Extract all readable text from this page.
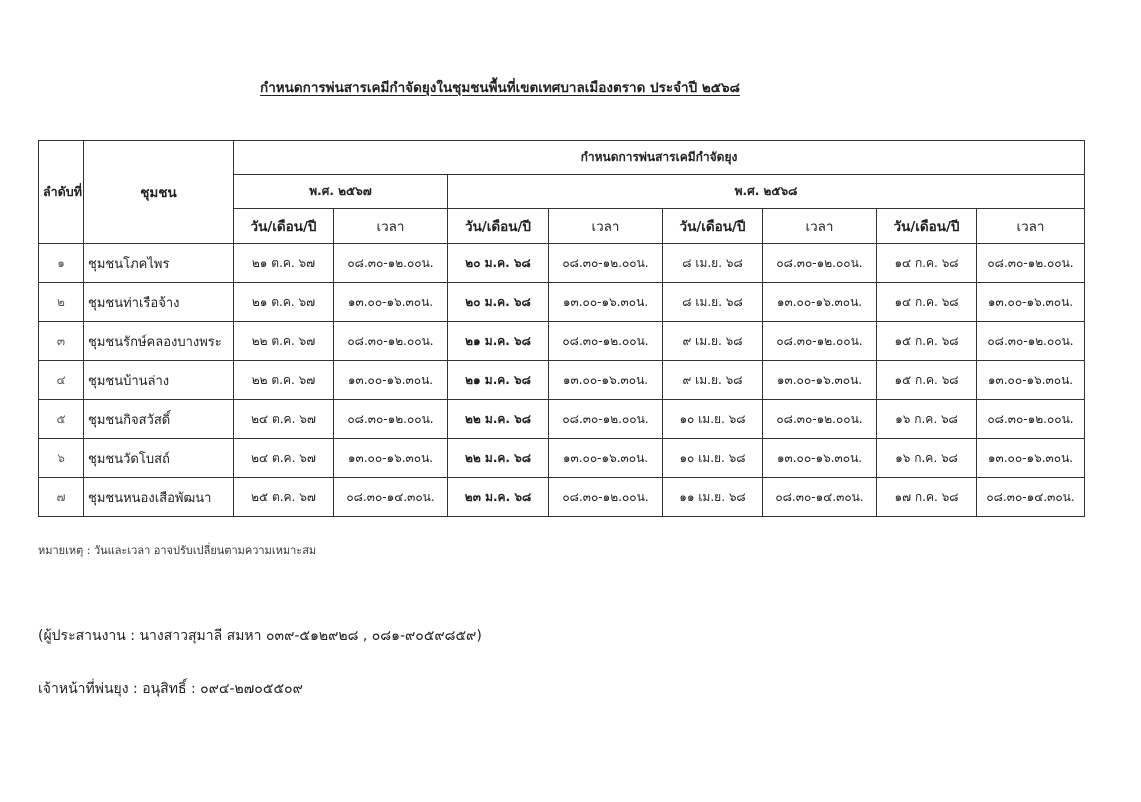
กำหนดการพ่นสารเคมีกำจัดยุงในชุมชนพื้นที่เขตเทศบาลเมืองตราด ประจำปี ๒๕๖๘
ลำดับที่	ชุมชน	กำหนดการพ่นสารเคมีกำจัดยุง							
		พ.ศ. ๒๕๖๗		พ.ศ. ๒๕๖๘					
		วัน/เดือน/ปี	เวลา	วัน/เดือน/ปี	เวลา	วัน/เดือน/ปี	เวลา	วัน/เดือน/ปี	เวลา
๑	ชุมชนโภคไพร	๒๑ ต.ค. ๖๗	๐๘.๓๐-๑๒.๐๐น.	๒๐ ม.ค. ๖๘	๐๘.๓๐-๑๒.๐๐น.	๘ เม.ย. ๖๘	๐๘.๓๐-๑๒.๐๐น.	๑๔ ก.ค. ๖๘	๐๘.๓๐-๑๒.๐๐น.
๒	ชุมชนท่าเรือจ้าง	๒๑ ต.ค. ๖๗	๑๓.๐๐-๑๖.๓๐น.	๒๐ ม.ค. ๖๘	๑๓.๐๐-๑๖.๓๐น.	๘ เม.ย. ๖๘	๑๓.๐๐-๑๖.๓๐น.	๑๔ ก.ค. ๖๘	๑๓.๐๐-๑๖.๓๐น.
๓	ชุมชนรักษ์คลองบางพระ	๒๒ ต.ค. ๖๗	๐๘.๓๐-๑๒.๐๐น.	๒๑ ม.ค. ๖๘	๐๘.๓๐-๑๒.๐๐น.	๙ เม.ย. ๖๘	๐๘.๓๐-๑๒.๐๐น.	๑๕ ก.ค. ๖๘	๐๘.๓๐-๑๒.๐๐น.
๔	ชุมชนบ้านล่าง	๒๒ ต.ค. ๖๗	๑๓.๐๐-๑๖.๓๐น.	๒๑ ม.ค. ๖๘	๑๓.๐๐-๑๖.๓๐น.	๙ เม.ย. ๖๘	๑๓.๐๐-๑๖.๓๐น.	๑๕ ก.ค. ๖๘	๑๓.๐๐-๑๖.๓๐น.
๕	ชุมชนกิจสวัสดิ์	๒๔ ต.ค. ๖๗	๐๘.๓๐-๑๒.๐๐น.	๒๒ ม.ค. ๖๘	๐๘.๓๐-๑๒.๐๐น.	๑๐ เม.ย. ๖๘	๐๘.๓๐-๑๒.๐๐น.	๑๖ ก.ค. ๖๘	๐๘.๓๐-๑๒.๐๐น.
๖	ชุมชนวัดโบสถ์	๒๔ ต.ค. ๖๗	๑๓.๐๐-๑๖.๓๐น.	๒๒ ม.ค. ๖๘	๑๓.๐๐-๑๖.๓๐น.	๑๐ เม.ย. ๖๘	๑๓.๐๐-๑๖.๓๐น.	๑๖ ก.ค. ๖๘	๑๓.๐๐-๑๖.๓๐น.
๗	ชุมชนหนองเสือพัฒนา	๒๕ ต.ค. ๖๗	๐๘.๓๐-๑๔.๓๐น.	๒๓ ม.ค. ๖๘	๐๘.๓๐-๑๒.๐๐น.	๑๑ เม.ย. ๖๘	๐๘.๓๐-๑๔.๓๐น.	๑๗ ก.ค. ๖๘	๐๘.๓๐-๑๔.๓๐น.
หมายเหตุ : วันและเวลา อาจปรับเปลี่ยนตามความเหมาะสม
(ผู้ประสานงาน : นางสาวสุมาลี สมหา ๐๓๙-๕๑๒๙๒๘ , ๐๘๑-๙๐๕๙๘๕๙)
เจ้าหน้าที่พ่นยุง : อนุสิทธิ์ : ๐๙๔-๒๗๐๕๕๐๙
